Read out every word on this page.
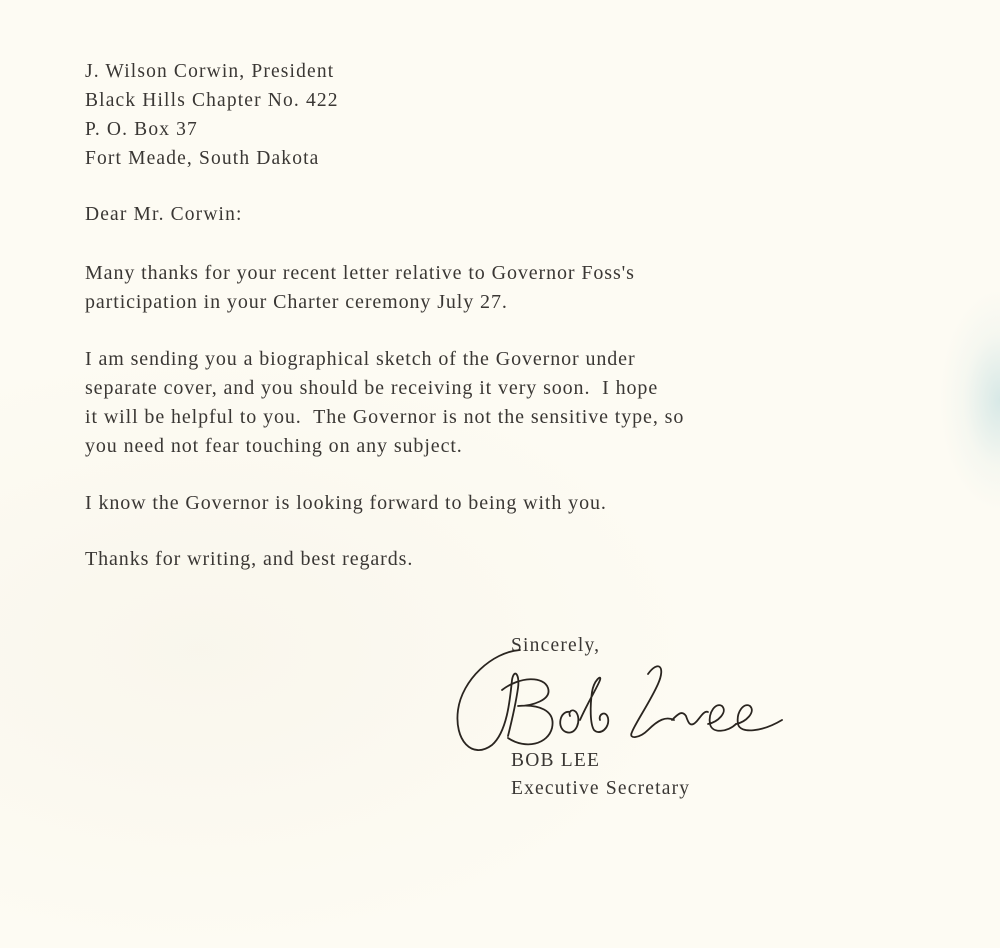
J. Wilson Corwin, President
Black Hills Chapter No. 422
P. O. Box 37
Fort Meade, South Dakota
Dear Mr. Corwin:
Many thanks for your recent letter relative to Governor Foss's
participation in your Charter ceremony July 27.
I am sending you a biographical sketch of the Governor under
separate cover, and you should be receiving it very soon.  I hope
it will be helpful to you.  The Governor is not the sensitive type, so
you need not fear touching on any subject.
I know the Governor is looking forward to being with you.
Thanks for writing, and best regards.
Sincerely,
BOB LEE
Executive Secretary
